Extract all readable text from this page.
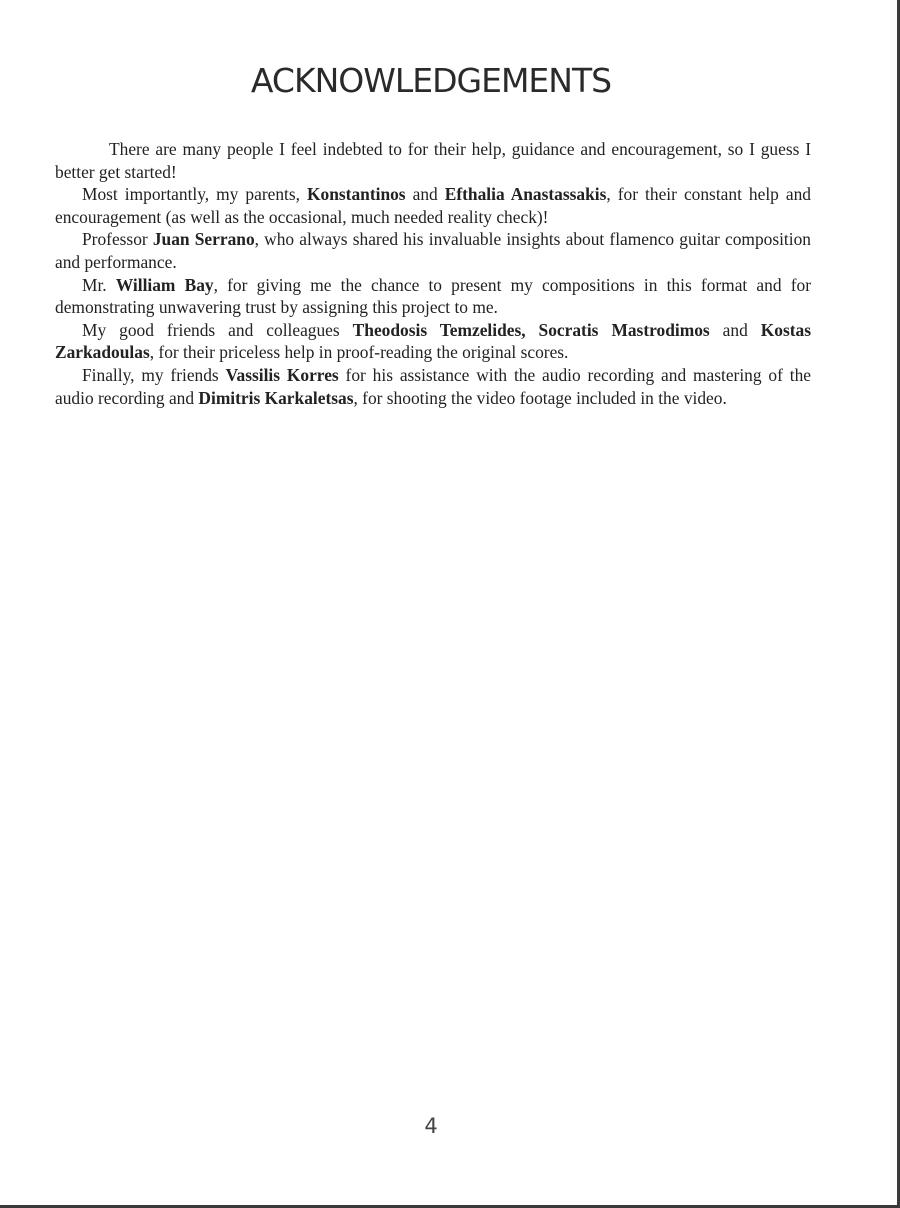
ACKNOWLEDGEMENTS

There are many people I feel indebted to for their help, guidance and encouragement, so I guess I better get started!

Most importantly, my parents, Konstantinos and Efthalia Anastassakis, for their constant help and encouragement (as well as the occasional, much needed reality check)!

Professor Juan Serrano, who always shared his invaluable insights about flamenco guitar composition and performance.

Mr. William Bay, for giving me the chance to present my compositions in this format and for demonstrating unwavering trust by assigning this project to me.

My good friends and colleagues Theodosis Temzelides, Socratis Mastrodimos and Kostas Zarkadoulas, for their priceless help in proof-reading the original scores.

Finally, my friends Vassilis Korres for his assistance with the audio recording and mastering of the audio recording and Dimitris Karkaletsas, for shooting the video footage included in the video.

4
